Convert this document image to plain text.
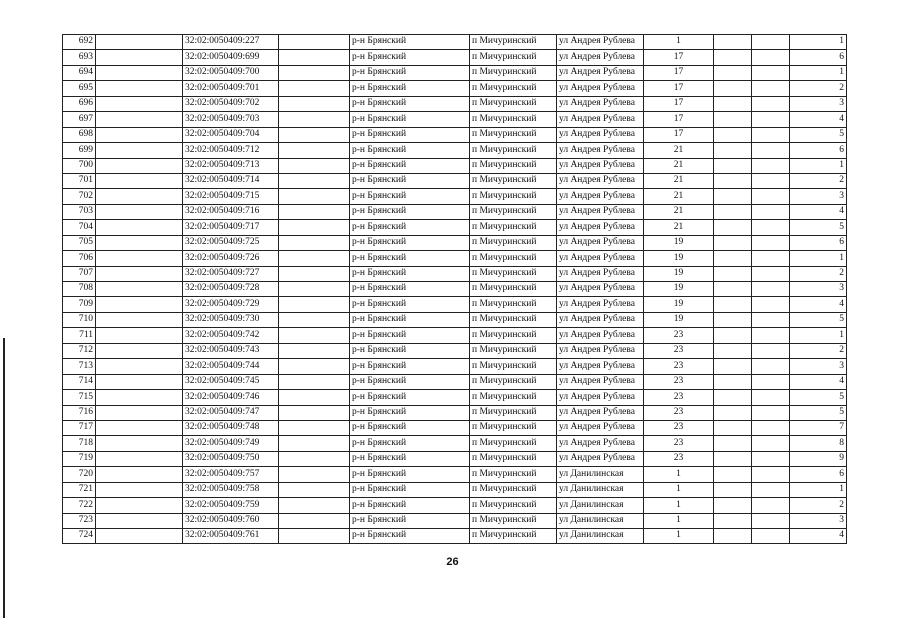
692		32:02:0050409:227		р-н Брянский	п Мичуринский	ул Андрея Рублева	1			1
693		32:02:0050409:699		р-н Брянский	п Мичуринский	ул Андрея Рублева	17			6
694		32:02:0050409:700		р-н Брянский	п Мичуринский	ул Андрея Рублева	17			1
695		32:02:0050409:701		р-н Брянский	п Мичуринский	ул Андрея Рублева	17			2
696		32:02:0050409:702		р-н Брянский	п Мичуринский	ул Андрея Рублева	17			3
697		32:02:0050409:703		р-н Брянский	п Мичуринский	ул Андрея Рублева	17			4
698		32:02:0050409:704		р-н Брянский	п Мичуринский	ул Андрея Рублева	17			5
699		32:02:0050409:712		р-н Брянский	п Мичуринский	ул Андрея Рублева	21			6
700		32:02:0050409:713		р-н Брянский	п Мичуринский	ул Андрея Рублева	21			1
701		32:02:0050409:714		р-н Брянский	п Мичуринский	ул Андрея Рублева	21			2
702		32:02:0050409:715		р-н Брянский	п Мичуринский	ул Андрея Рублева	21			3
703		32:02:0050409:716		р-н Брянский	п Мичуринский	ул Андрея Рублева	21			4
704		32:02:0050409:717		р-н Брянский	п Мичуринский	ул Андрея Рублева	21			5
705		32:02:0050409:725		р-н Брянский	п Мичуринский	ул Андрея Рублева	19			6
706		32:02:0050409:726		р-н Брянский	п Мичуринский	ул Андрея Рублева	19			1
707		32:02:0050409:727		р-н Брянский	п Мичуринский	ул Андрея Рублева	19			2
708		32:02:0050409:728		р-н Брянский	п Мичуринский	ул Андрея Рублева	19			3
709		32:02:0050409:729		р-н Брянский	п Мичуринский	ул Андрея Рублева	19			4
710		32:02:0050409:730		р-н Брянский	п Мичуринский	ул Андрея Рублева	19			5
711		32:02:0050409:742		р-н Брянский	п Мичуринский	ул Андрея Рублева	23			1
712		32:02:0050409:743		р-н Брянский	п Мичуринский	ул Андрея Рублева	23			2
713		32:02:0050409:744		р-н Брянский	п Мичуринский	ул Андрея Рублева	23			3
714		32:02:0050409:745		р-н Брянский	п Мичуринский	ул Андрея Рублева	23			4
715		32:02:0050409:746		р-н Брянский	п Мичуринский	ул Андрея Рублева	23			5
716		32:02:0050409:747		р-н Брянский	п Мичуринский	ул Андрея Рублева	23			5
717		32:02:0050409:748		р-н Брянский	п Мичуринский	ул Андрея Рублева	23			7
718		32:02:0050409:749		р-н Брянский	п Мичуринский	ул Андрея Рублева	23			8
719		32:02:0050409:750		р-н Брянский	п Мичуринский	ул Андрея Рублева	23			9
720		32:02:0050409:757		р-н Брянский	п Мичуринский	ул Данилинская	1			6
721		32:02:0050409:758		р-н Брянский	п Мичуринский	ул Данилинская	1			1
722		32:02:0050409:759		р-н Брянский	п Мичуринский	ул Данилинская	1			2
723		32:02:0050409:760		р-н Брянский	п Мичуринский	ул Данилинская	1			3
724		32:02:0050409:761		р-н Брянский	п Мичуринский	ул Данилинская	1			4
26
